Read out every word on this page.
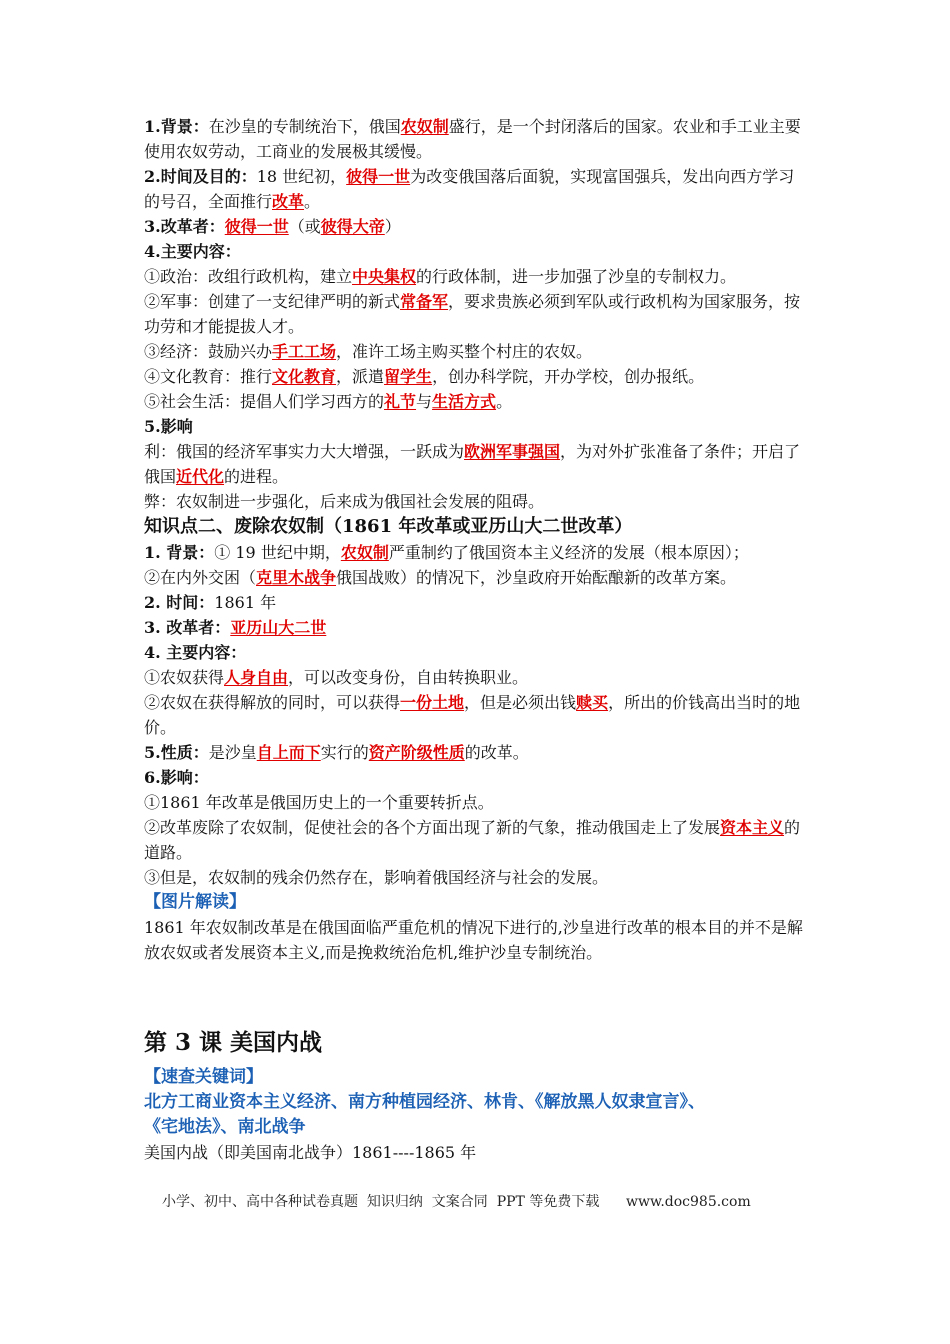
1.背景：在沙皇的专制统治下，俄国农奴制盛行，是一个封闭落后的国家。农业和手工业主要使用农奴劳动，工商业的发展极其缓慢。

2.时间及目的：18 世纪初，彼得一世为改变俄国落后面貌，实现富国强兵，发出向西方学习的号召，全面推行改革。

3.改革者：彼得一世（或彼得大帝）

4.主要内容：

①政治：改组行政机构，建立中央集权的行政体制，进一步加强了沙皇的专制权力。

②军事：创建了一支纪律严明的新式常备军，要求贵族必须到军队或行政机构为国家服务，按功劳和才能提拔人才。

③经济：鼓励兴办手工工场，准许工场主购买整个村庄的农奴。

④文化教育：推行文化教育，派遣留学生，创办科学院，开办学校，创办报纸。

⑤社会生活：提倡人们学习西方的礼节与生活方式。

5.影响

利：俄国的经济军事实力大大增强，一跃成为欧洲军事强国，为对外扩张准备了条件；开启了俄国近代化的进程。

弊：农奴制进一步强化，后来成为俄国社会发展的阻碍。

知识点二、废除农奴制（1861 年改革或亚历山大二世改革）

1. 背景：① 19 世纪中期，农奴制严重制约了俄国资本主义经济的发展（根本原因）；

②在内外交困（克里木战争俄国战败）的情况下，沙皇政府开始酝酿新的改革方案。

2. 时间：1861 年

3. 改革者：亚历山大二世

4. 主要内容：

①农奴获得人身自由，可以改变身份，自由转换职业。

②农奴在获得解放的同时，可以获得一份土地，但是必须出钱赎买，所出的价钱高出当时的地价。

5.性质：是沙皇自上而下实行的资产阶级性质的改革。

6.影响：

①1861 年改革是俄国历史上的一个重要转折点。

②改革废除了农奴制，促使社会的各个方面出现了新的气象，推动俄国走上了发展资本主义的道路。

③但是，农奴制的残余仍然存在，影响着俄国经济与社会的发展。

【图片解读】

1861 年农奴制改革是在俄国面临严重危机的情况下进行的,沙皇进行改革的根本目的并不是解放农奴或者发展资本主义,而是挽救统治危机,维护沙皇专制统治。

第 3 课 美国内战

【速查关键词】

北方工商业资本主义经济、南方种植园经济、林肯、《解放黑人奴隶宣言》、

《宅地法》、南北战争

美国内战（即美国南北战争）1861----1865 年

小学、初中、高中各种试卷真题  知识归纳  文案合同  PPT 等免费下载      www.doc985.com
